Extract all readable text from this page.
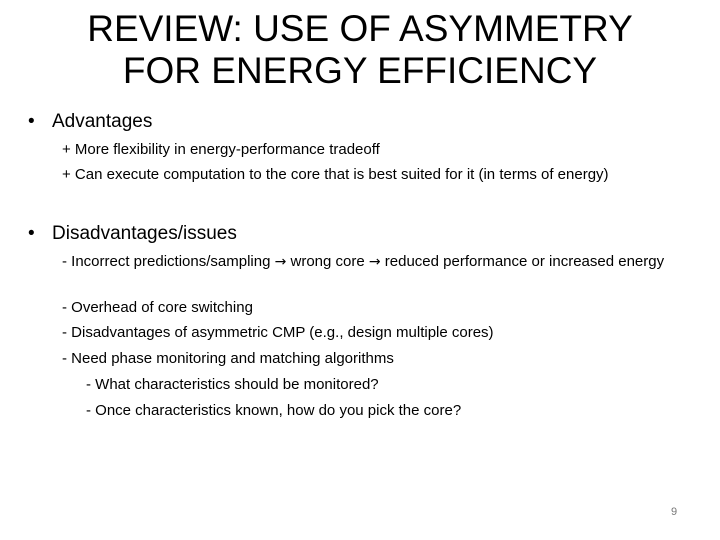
REVIEW: USE OF ASYMMETRY
FOR ENERGY EFFICIENCY
• Advantages
+ More flexibility in energy-performance tradeoff
+ Can execute computation to the core that is best suited for it (in terms of energy)
• Disadvantages/issues
- Incorrect predictions/sampling → wrong core → reduced performance or increased energy
- Overhead of core switching
- Disadvantages of asymmetric CMP (e.g., design multiple cores)
- Need phase monitoring and matching algorithms
- What characteristics should be monitored?
- Once characteristics known, how do you pick the core?
9
